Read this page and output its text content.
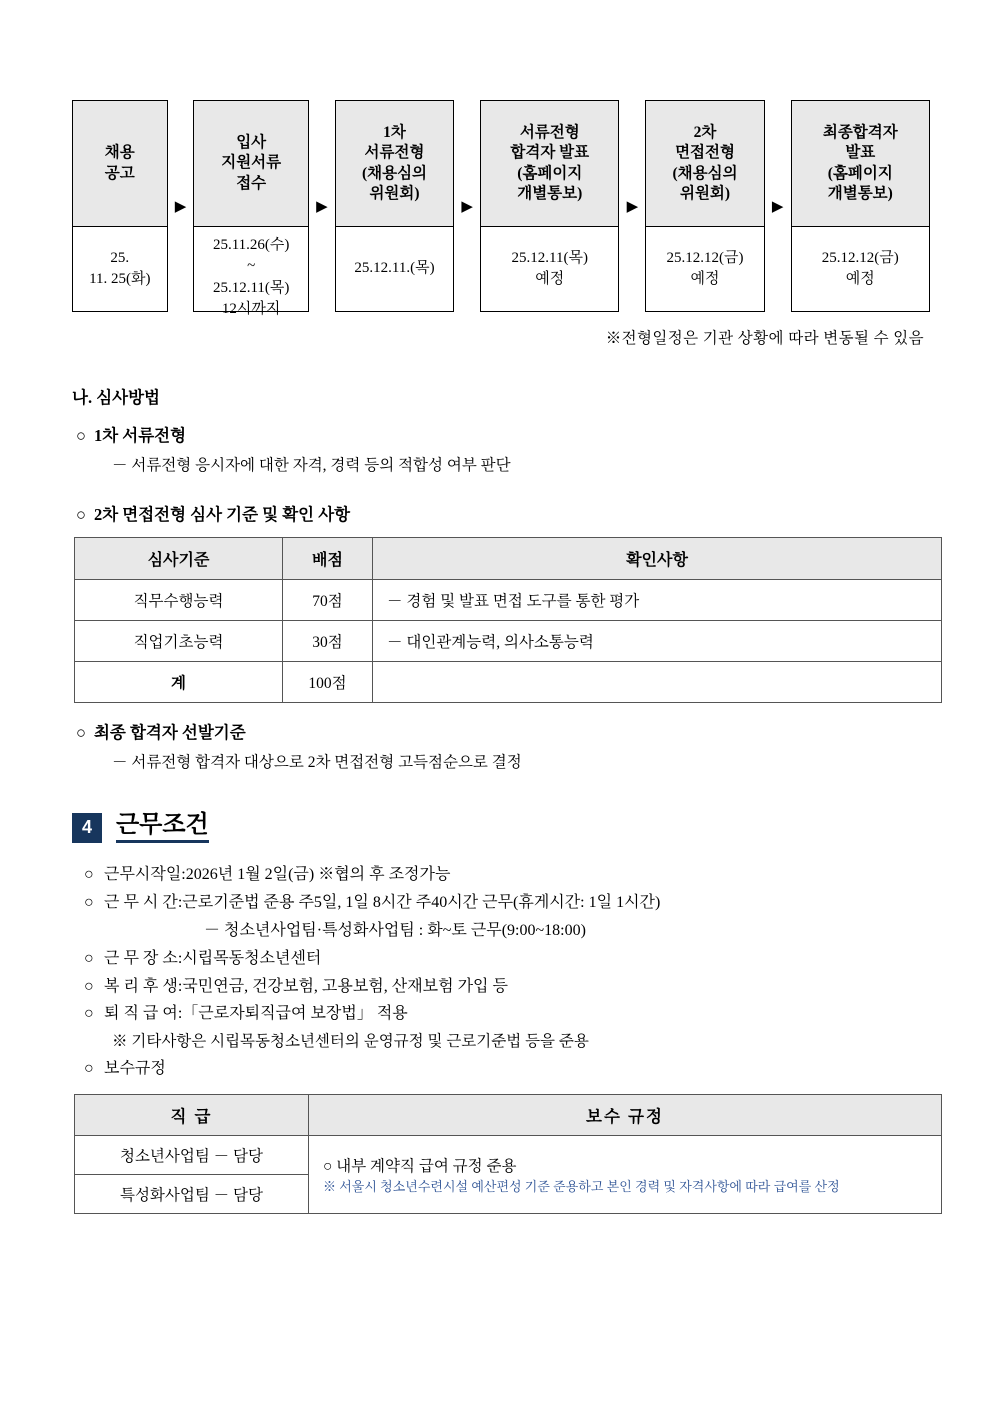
채용
공고
25.
11. 25(화)
▶
입사
지원서류
접수
25.11.26(수)
~
25.12.11(목)
12시까지
▶
1차
서류전형
(채용심의
위원회)
25.12.11.(목)
▶
서류전형
합격자 발표
(홈페이지
개별통보)
25.12.11(목)
예정
▶
2차
면접전형
(채용심의
위원회)
25.12.12(금)
예정
▶
최종합격자
발표
(홈페이지
개별통보)
25.12.12(금)
예정
※전형일정은 기관 상황에 따라 변동될 수 있음
나. 심사방법
○ 1차 서류전형
－ 서류전형 응시자에 대한 자격, 경력 등의 적합성 여부 판단
○ 2차 면접전형 심사 기준 및 확인 사항
심사기준	배점	확인사항
직무수행능력	70점	－ 경험 및 발표 면접 도구를 통한 평가
직업기초능력	30점	－ 대인관계능력, 의사소통능력
계	100점	
○ 최종 합격자 선발기준
－ 서류전형 합격자 대상으로 2차 면접전형 고득점순으로 결정
4	근무조건
○ 근무시작일 : 2026년 1월 2일(금) ※협의 후 조정가능
○ 근 무 시 간 : 근로기준법 준용 주5일, 1일 8시간 주40시간 근무(휴게시간: 1일 1시간)
－ 청소년사업팀·특성화사업팀 : 화~토 근무(9:00~18:00)
○ 근 무 장 소 : 시립목동청소년센터
○ 복 리 후 생 : 국민연금, 건강보험, 고용보험, 산재보험 가입 등
○ 퇴 직 급 여 : 「근로자퇴직급여 보장법」 적용
※ 기타사항은 시립목동청소년센터의 운영규정 및 근로기준법 등을 준용
○ 보수규정
직 급	보수 규정
청소년사업팀 － 담당	○ 내부 계약직 급여 규정 준용
※ 서울시 청소년수련시설 예산편성 기준 준용하고 본인 경력 및 자격사항에 따라 급여를 산정

특성화사업팀 － 담당	
